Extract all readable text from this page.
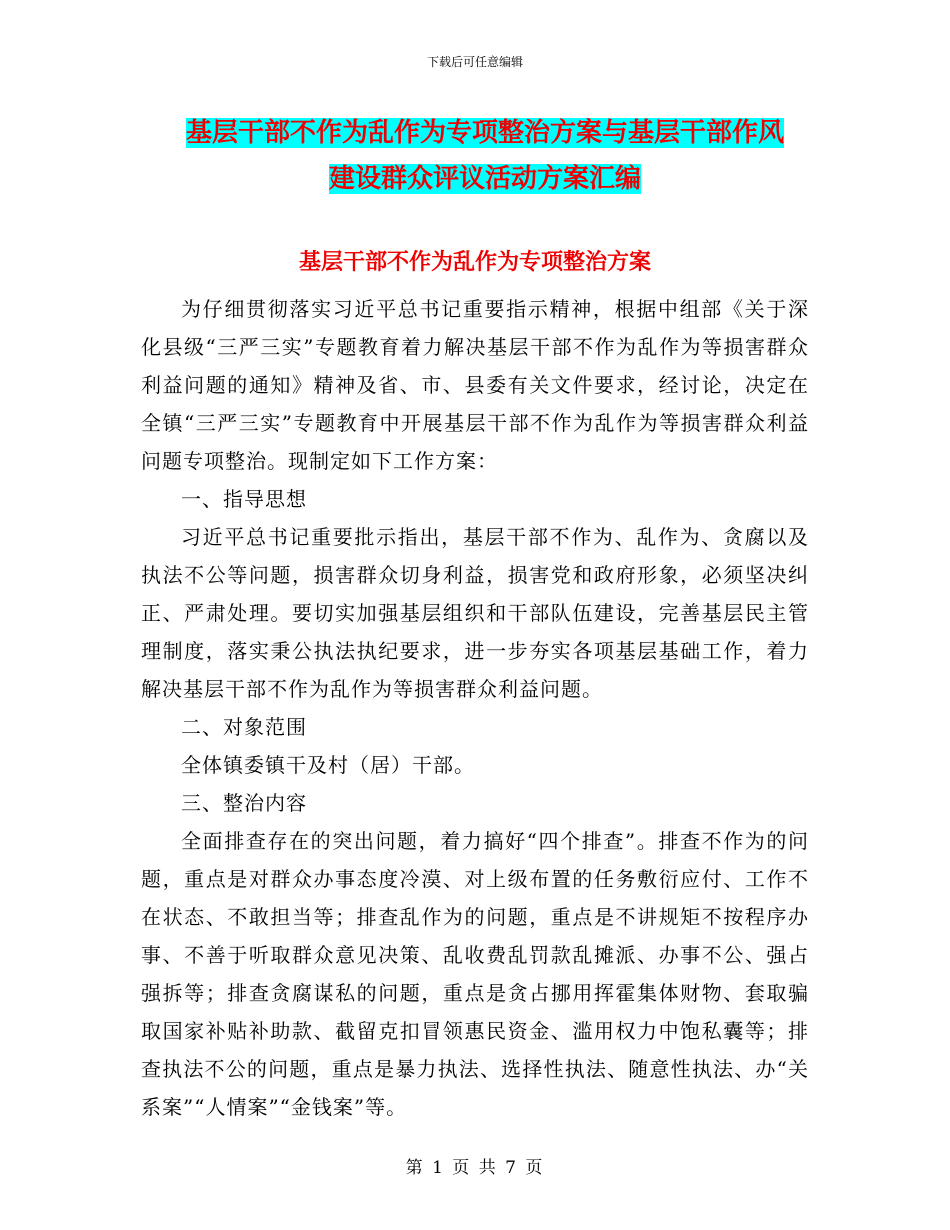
下载后可任意编辑
基层干部不作为乱作为专项整治方案与基层干部作风
建设群众评议活动方案汇编
基层干部不作为乱作为专项整治方案

为仔细贯彻落实习近平总书记重要指示精神，根据中组部《关于深化县级“三严三实”专题教育着力解决基层干部不作为乱作为等损害群众利益问题的通知》精神及省、市、县委有关文件要求，经讨论，决定在全镇“三严三实”专题教育中开展基层干部不作为乱作为等损害群众利益问题专项整治。现制定如下工作方案：

一、指导思想

习近平总书记重要批示指出，基层干部不作为、乱作为、贪腐以及执法不公等问题，损害群众切身利益，损害党和政府形象，必须坚决纠正、严肃处理。要切实加强基层组织和干部队伍建设，完善基层民主管理制度，落实秉公执法执纪要求，进一步夯实各项基层基础工作，着力解决基层干部不作为乱作为等损害群众利益问题。

二、对象范围

全体镇委镇干及村（居）干部。

三、整治内容

全面排查存在的突出问题，着力搞好“四个排查”。排查不作为的问题，重点是对群众办事态度冷漠、对上级布置的任务敷衍应付、工作不在状态、不敢担当等；排查乱作为的问题，重点是不讲规矩不按程序办事、不善于听取群众意见决策、乱收费乱罚款乱摊派、办事不公、强占强拆等；排查贪腐谋私的问题，重点是贪占挪用挥霍集体财物、套取骗取国家补贴补助款、截留克扣冒领惠民资金、滥用权力中饱私囊等；排查执法不公的问题，重点是暴力执法、选择性执法、随意性执法、办“关系案”“人情案”“金钱案”等。

第 1 页 共 7 页
